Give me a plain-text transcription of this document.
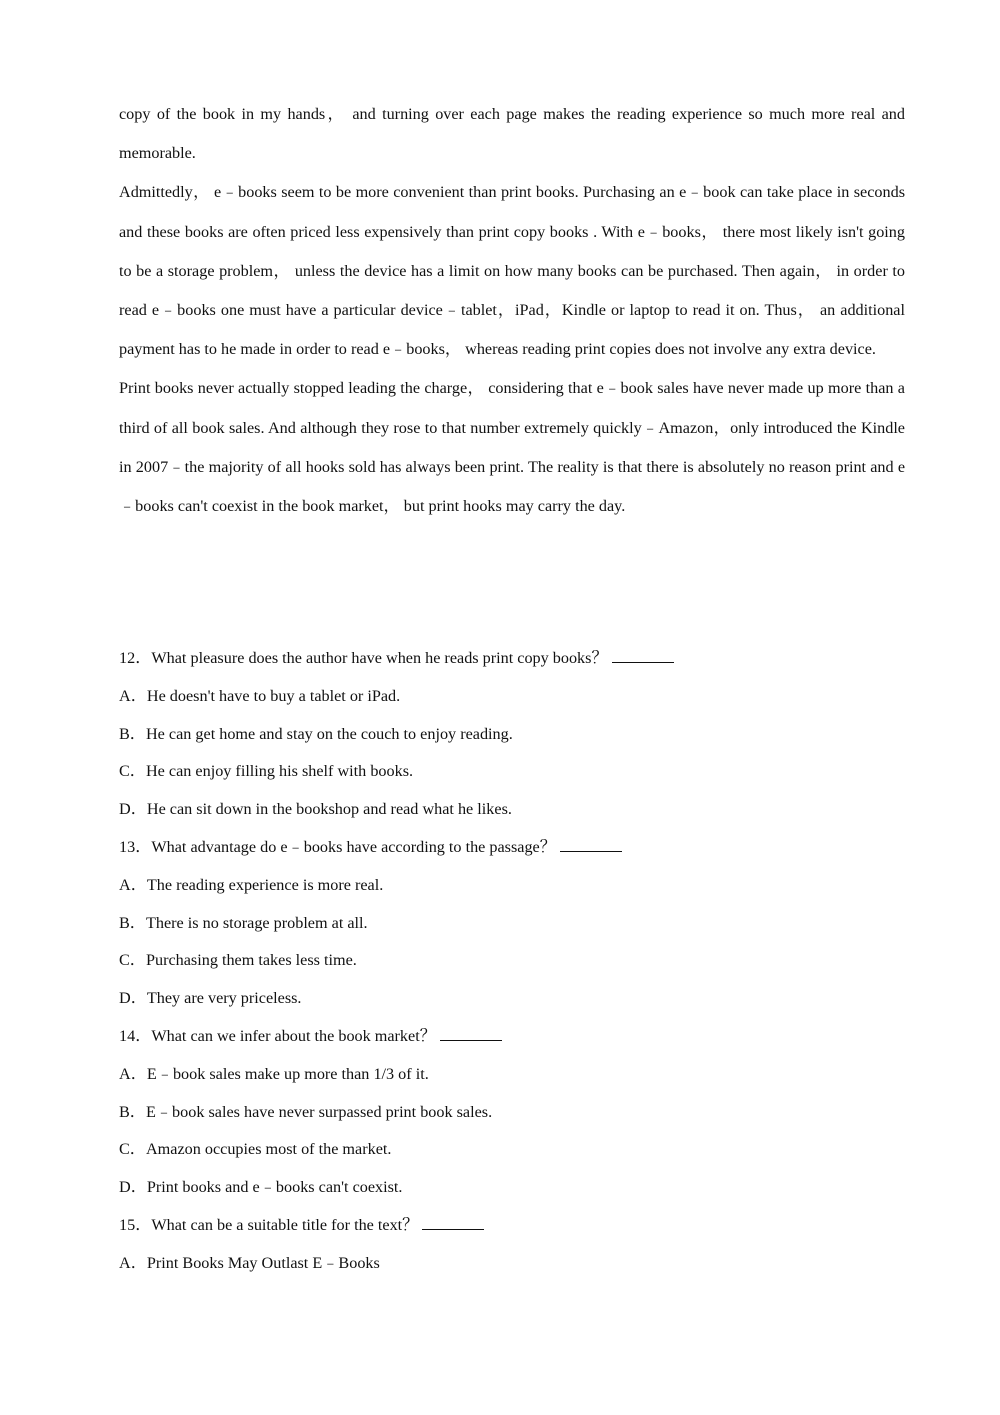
copy of the book in my hands， and turning over each page makes the reading experience so much more real and memorable.

Admittedly， e﹣books seem to be more convenient than print books. Purchasing an e﹣book can take place in seconds and these books are often priced less expensively than print copy books . With e﹣books， there most likely isn't going to be a storage problem， unless the device has a limit on how many books can be purchased. Then again， in order to read e﹣books one must have a particular device﹣tablet，iPad，Kindle or laptop to read it on. Thus， an additional payment has to he made in order to read e﹣books， whereas reading print copies does not involve any extra device.

Print books never actually stopped leading the charge， considering that e﹣book sales have never made up more than a third of all book sales. And although they rose to that number extremely quickly﹣Amazon，only introduced the Kindle in 2007﹣the majority of all hooks sold has always been print. The reality is that there is absolutely no reason print and e﹣books can't coexist in the book market， but print hooks may carry the day.

12．What pleasure does the author have when he reads print copy books？

A．He doesn't have to buy a tablet or iPad.

B．He can get home and stay on the couch to enjoy reading.

C．He can enjoy filling his shelf with books.

D．He can sit down in the bookshop and read what he likes.

13．What advantage do e﹣books have according to the passage？

A．The reading experience is more real.

B．There is no storage problem at all.

C．Purchasing them takes less time.

D．They are very priceless.

14．What can we infer about the book market？

A．E﹣book sales make up more than 1/3 of it.

B．E﹣book sales have never surpassed print book sales.

C．Amazon occupies most of the market.

D．Print books and e﹣books can't coexist.

15．What can be a suitable title for the text？

A．Print Books May Outlast E﹣Books
